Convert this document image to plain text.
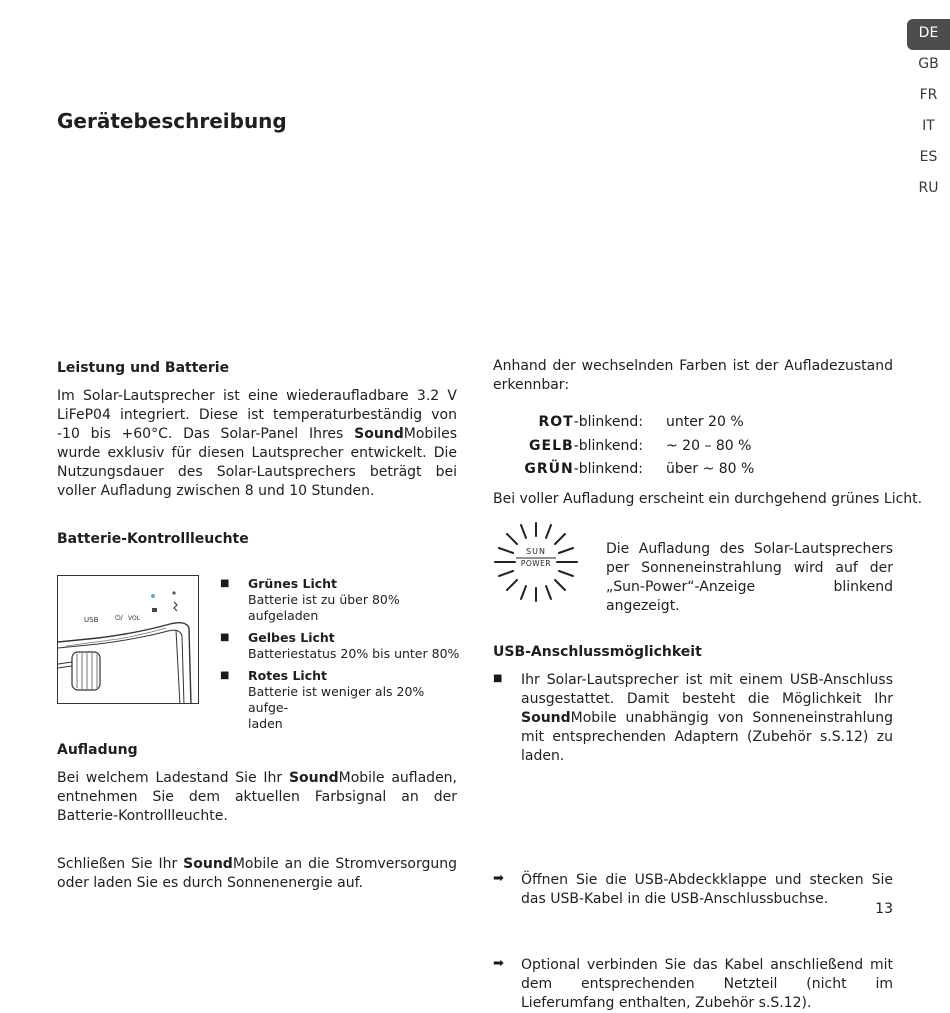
DE
GB
FR
IT
ES
RU
Gerätebeschreibung
Leistung und Batterie

Im Solar-Lautsprecher ist eine wiederaufladbare 3.2 V LiFeP04 integriert. Diese ist temperaturbeständig von -10 bis +60°C. Das Solar-Panel Ihres SoundMobiles wurde exklusiv für diesen Lautsprecher entwickelt. Die Nutzungsdauer des Solar-Lautsprechers beträgt bei voller Aufladung zwischen 8 und 10 Stunden.

Batterie-Kontrollleuchte
USB ⏻/ VOL
■ Grünes Licht
Batterie ist zu über 80% aufgeladen
■ Gelbes Licht
Batteriestatus 20% bis unter 80%
■ Rotes Licht
Batterie ist weniger als 20% aufge-
laden
Aufladung

Bei welchem Ladestand Sie Ihr SoundMobile aufladen, entnehmen Sie dem aktuellen Farbsignal an der Batterie-Kontrollleuchte.

Schließen Sie Ihr SoundMobile an die Stromversorgung oder laden Sie es durch Sonnenenergie auf.

Anhand der wechselnden Farben ist der Aufladezustand erkennbar:

ROT-blinkend: unter 20 %
GELB-blinkend: ~ 20 – 80 %
GRÜN-blinkend: über ~ 80 %

Bei voller Aufladung erscheint ein durchgehend grünes Licht.

SUN
POWER

Die Aufladung des Solar-Lautsprechers per Sonneneinstrahlung wird auf der „Sun-Power“-Anzeige blinkend angezeigt.

USB-Anschlussmöglichkeit
■ Ihr Solar-Lautsprecher ist mit einem USB-Anschluss ausgestattet. Damit besteht die Möglichkeit Ihr SoundMobile unabhängig von Sonneneinstrahlung mit entsprechenden Adaptern (Zubehör s.S.12) zu laden.

➡ Öffnen Sie die USB-Abdeckklappe und stecken Sie das USB-Kabel in die USB-Anschlussbuchse.

➡ Optional verbinden Sie das Kabel anschließend mit dem entsprechenden Netzteil (nicht im Lieferumfang enthalten, Zubehör s.S.12).

13
